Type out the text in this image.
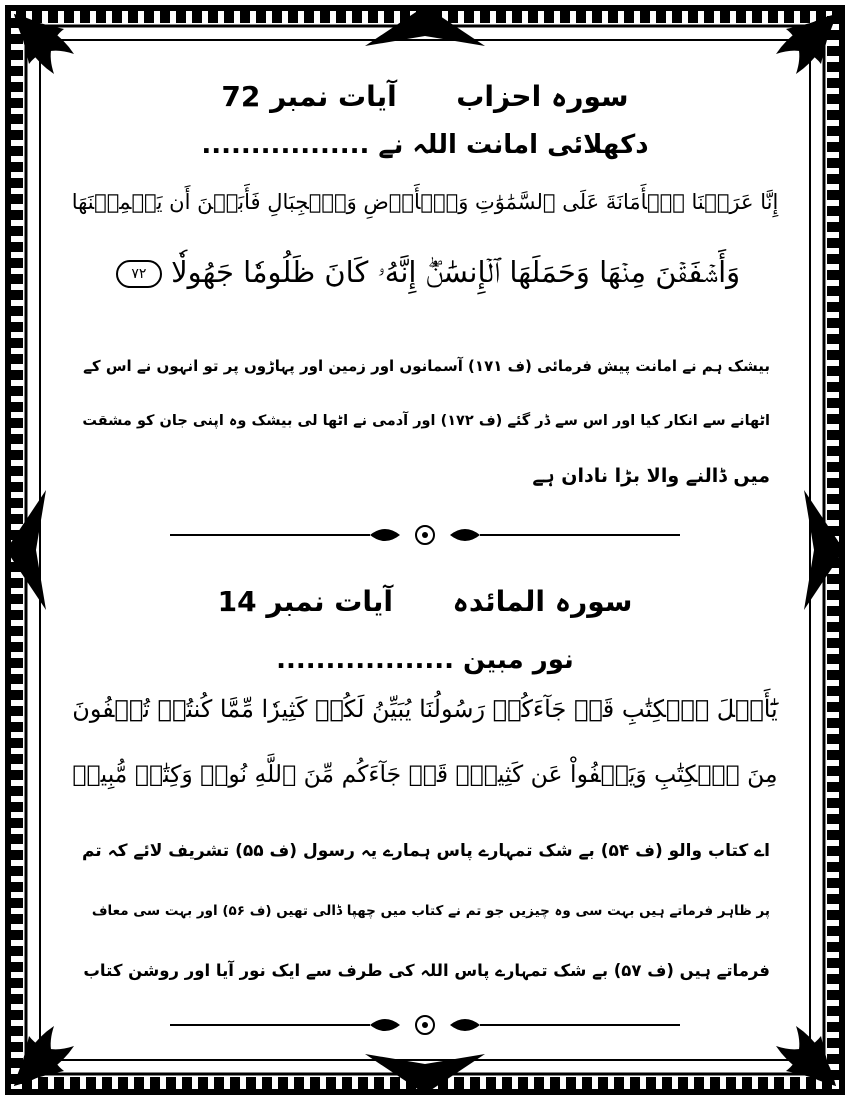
سورہ احزاب  آیات نمبر 72
دکھلائی امانت اللہ نے .................
إِنَّا عَرَضۡنَا ٱلۡأَمَانَةَ عَلَى ٱلسَّمَٰوَٰتِ وَٱلۡأَرۡضِ وَٱلۡجِبَالِ فَأَبَيۡنَ أَن يَحۡمِلۡنَهَا
وَأَشۡفَقۡنَ مِنۡهَا وَحَمَلَهَا ٱلۡإِنسَٰنُۖ إِنَّهُۥ كَانَ ظَلُومٗا جَهُولٗا ٧٢
بیشک ہم نے امانت پیش فرمائی (ف ۱۷۱) آسمانوں اور زمین اور پہاڑوں پر تو انہوں نے اس کے
اٹھانے سے انکار کیا اور اس سے ڈر گئے (ف ۱۷۲) اور آدمی نے اٹھا لی بیشک وہ اپنی جان کو مشقت
میں ڈالنے والا بڑا نادان ہے
سورہ المائدہ  آیات نمبر 14
نور مبین ..................
يَٰٓأَهۡلَ ٱلۡكِتَٰبِ قَدۡ جَآءَكُمۡ رَسُولُنَا يُبَيِّنُ لَكُمۡ كَثِيرٗا مِّمَّا كُنتُمۡ تُخۡفُونَ
مِنَ ٱلۡكِتَٰبِ وَيَعۡفُواْ عَن كَثِيرٖۚ قَدۡ جَآءَكُم مِّنَ ٱللَّهِ نُورٞ وَكِتَٰبٞ مُّبِينٞ
اے کتاب والو (ف ۵۴) بے شک تمہارے پاس ہمارے یہ رسول (ف ۵۵) تشریف لائے کہ تم
پر ظاہر فرماتے ہیں بہت سی وہ چیزیں جو تم نے کتاب میں چھپا ڈالی تھیں (ف ۵۶) اور بہت سی معاف
فرماتے ہیں (ف ۵۷) بے شک تمہارے پاس اللہ کی طرف سے ایک نور آیا اور روشن کتاب
